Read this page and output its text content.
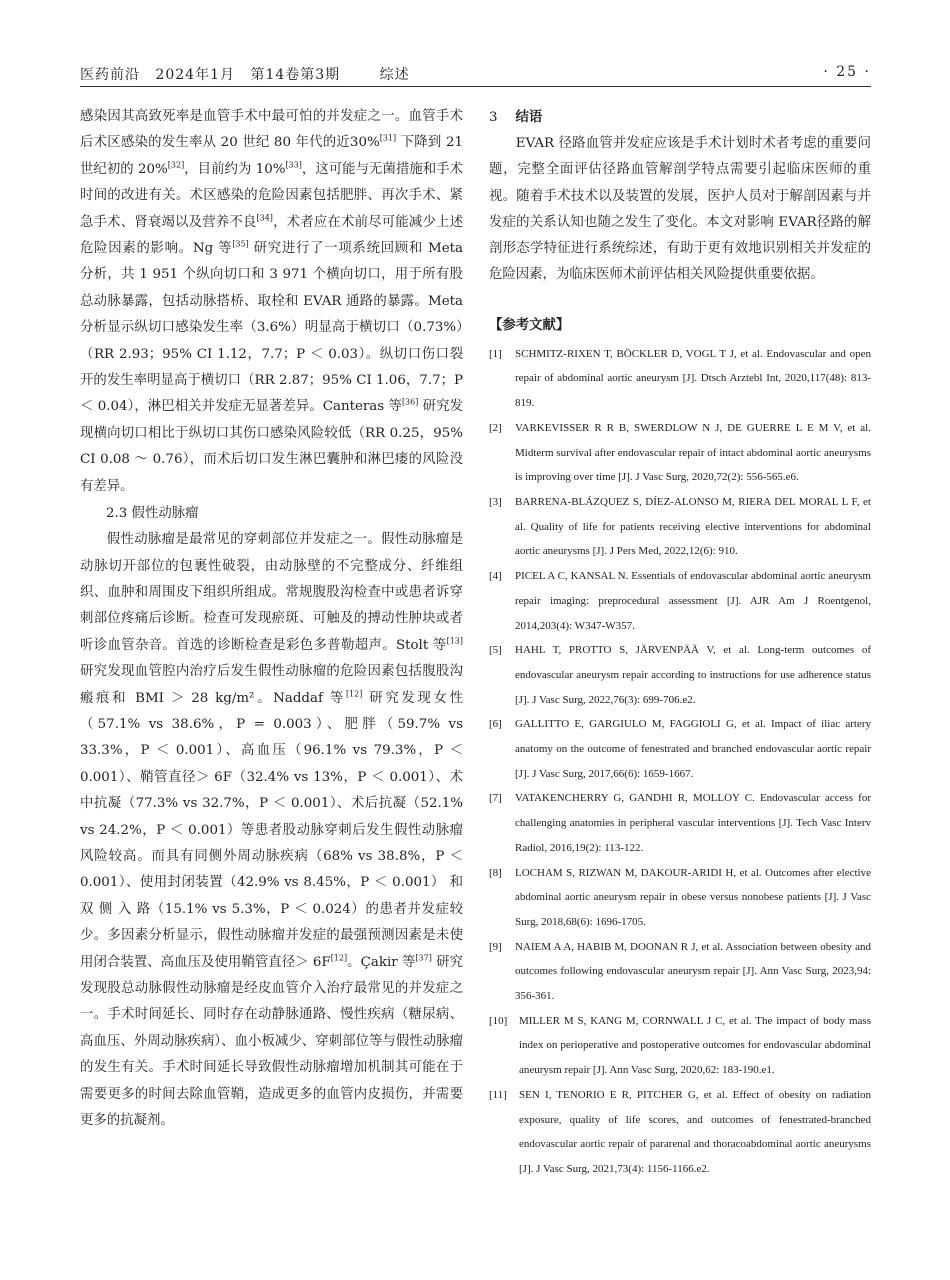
医药前沿 2024年1月 第14卷第3期	综述	· 25 ·

感染因其高致死率是血管手术中最可怕的并发症之一。血管手术后术区感染的发生率从 20 世纪 80 年代的近30%[31] 下降到 21 世纪初的 20%[32]，目前约为 10%[33]，这可能与无菌措施和手术时间的改进有关。术区感染的危险因素包括肥胖、再次手术、紧急手术、肾衰竭以及营养不良[34]，术者应在术前尽可能减少上述危险因素的影响。Ng 等[35] 研究进行了一项系统回顾和 Meta 分析，共 1 951 个纵向切口和 3 971 个横向切口，用于所有股总动脉暴露，包括动脉搭桥、取栓和 EVAR 通路的暴露。Meta 分析显示纵切口感染发生率（3.6%）明显高于横切口（0.73%）（RR 2.93；95% CI 1.12，7.7；P ＜ 0.03）。纵切口伤口裂开的发生率明显高于横切口（RR 2.87；95% CI 1.06，7.7；P ＜ 0.04），淋巴相关并发症无显著差异。Canteras 等[36] 研究发现横向切口相比于纵切口其伤口感染风险较低（RR 0.25，95% CI 0.08 ～ 0.76），而术后切口发生淋巴囊肿和淋巴瘘的风险没有差异。

2.3 假性动脉瘤

假性动脉瘤是最常见的穿刺部位并发症之一。假性动脉瘤是动脉切开部位的包裹性破裂，由动脉壁的不完整成分、纤维组织、血肿和周围皮下组织所组成。常规腹股沟检查中或患者诉穿刺部位疼痛后诊断。检查可发现瘀斑、可触及的搏动性肿块或者听诊血管杂音。首选的诊断检查是彩色多普勒超声。Stolt 等[13] 研究发现血管腔内治疗后发生假性动脉瘤的危险因素包括腹股沟瘢痕和 BMI ＞ 28 kg/m²。Naddaf 等[12] 研究发现女性（57.1% vs 38.6%，P = 0.003）、肥胖（59.7% vs 33.3%，P ＜ 0.001）、高血压（96.1% vs 79.3%，P ＜ 0.001）、鞘管直径＞ 6F（32.4% vs 13%，P ＜ 0.001）、术中抗凝（77.3% vs 32.7%，P ＜ 0.001）、术后抗凝（52.1% vs 24.2%，P ＜ 0.001）等患者股动脉穿刺后发生假性动脉瘤风险较高。而具有同侧外周动脉疾病（68% vs 38.8%，P ＜ 0.001）、使用封闭装置（42.9% vs 8.45%，P ＜ 0.001） 和 双 侧 入 路（15.1% vs 5.3%，P ＜ 0.024）的患者并发症较少。多因素分析显示，假性动脉瘤并发症的最强预测因素是未使用闭合装置、高血压及使用鞘管直径＞ 6F[12]。Çakir 等[37] 研究发现股总动脉假性动脉瘤是经皮血管介入治疗最常见的并发症之一。手术时间延长、同时存在动静脉通路、慢性疾病（糖尿病、高血压、外周动脉疾病）、血小板减少、穿刺部位等与假性动脉瘤的发生有关。手术时间延长导致假性动脉瘤增加机制其可能在于需要更多的时间去除血管鞘，造成更多的血管内皮损伤，并需要更多的抗凝剂。

3 结语

EVAR 径路血管并发症应该是手术计划时术者考虑的重要问题，完整全面评估径路血管解剖学特点需要引起临床医师的重视。随着手术技术以及装置的发展，医护人员对于解剖因素与并发症的关系认知也随之发生了变化。本文对影响 EVAR径路的解剖形态学特征进行系统综述，有助于更有效地识别相关并发症的危险因素，为临床医师术前评估相关风险提供重要依据。

【参考文献】
[1] SCHMITZ-RIXEN T, BÖCKLER D, VOGL T J, et al. Endovascular and open repair of abdominal aortic aneurysm [J]. Dtsch Arztebl Int, 2020,117(48): 813-819.
[2] VARKEVISSER R R B, SWERDLOW N J, DE GUERRE L E M V, et al. Midterm survival after endovascular repair of intact abdominal aortic aneurysms is improving over time [J]. J Vasc Surg, 2020,72(2): 556-565.e6.
[3] BARRENA-BLÁZQUEZ S, DÍEZ-ALONSO M, RIERA DEL MORAL L F, et al. Quality of life for patients receiving elective interventions for abdominal aortic aneurysms [J]. J Pers Med, 2022,12(6): 910.
[4] PICEL A C, KANSAL N. Essentials of endovascular abdominal aortic aneurysm repair imaging: preprocedural assessment [J]. AJR Am J Roentgenol, 2014,203(4): W347-W357.
[5] HAHL T, PROTTO S, JÄRVENPÄÄ V, et al. Long-term outcomes of endovascular aneurysm repair according to instructions for use adherence status [J]. J Vasc Surg, 2022,76(3): 699-706.e2.
[6] GALLITTO E, GARGIULO M, FAGGIOLI G, et al. Impact of iliac artery anatomy on the outcome of fenestrated and branched endovascular aortic repair [J]. J Vasc Surg, 2017,66(6): 1659-1667.
[7] VATAKENCHERRY G, GANDHI R, MOLLOY C. Endovascular access for challenging anatomies in peripheral vascular interventions [J]. Tech Vasc Interv Radiol, 2016,19(2): 113-122.
[8] LOCHAM S, RIZWAN M, DAKOUR-ARIDI H, et al. Outcomes after elective abdominal aortic aneurysm repair in obese versus nonobese patients [J]. J Vasc Surg, 2018,68(6): 1696-1705.
[9] NAIEM A A, HABIB M, DOONAN R J, et al. Association between obesity and outcomes following endovascular aneurysm repair [J]. Ann Vasc Surg, 2023,94: 356-361.
[10] MILLER M S, KANG M, CORNWALL J C, et al. The impact of body mass index on perioperative and postoperative outcomes for endovascular abdominal aneurysm repair [J]. Ann Vasc Surg, 2020,62: 183-190.e1.
[11] SEN I, TENORIO E R, PITCHER G, et al. Effect of obesity on radiation exposure, quality of life scores, and outcomes of fenestrated-branched endovascular aortic repair of pararenal and thoracoabdominal aortic aneurysms [J]. J Vasc Surg, 2021,73(4): 1156-1166.e2.
